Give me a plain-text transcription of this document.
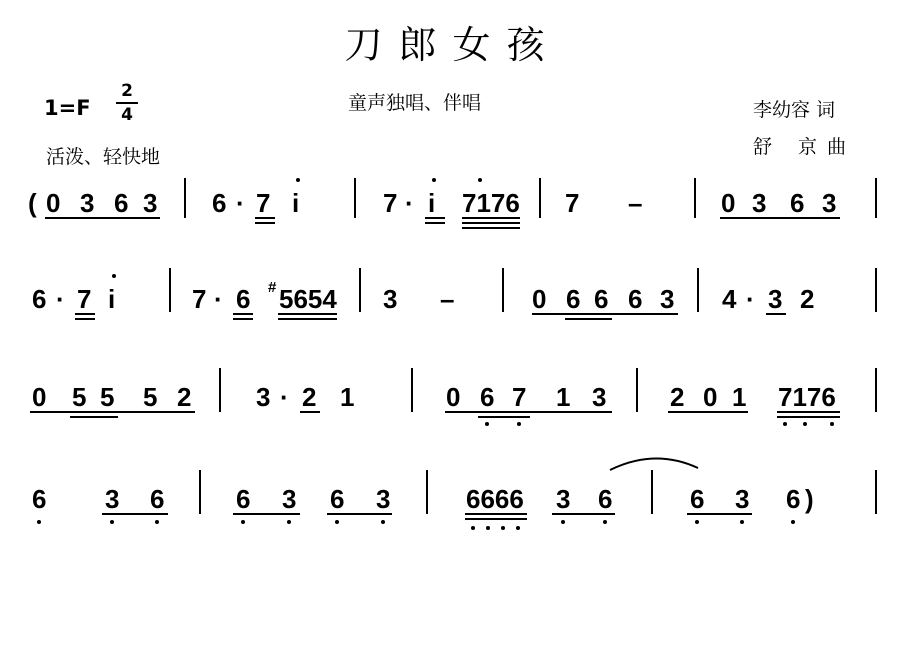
刀郎女孩
童声独唱、伴唱
1=F
2
4
活泼、轻快地
李幼容 词
舒 京曲
( 0 3 6 3 6 · 7 i	7 · i 7176 7 –	0 3 6 3
6 · 7 i	7 · 6 # 5654 3 –	0 6 6 6 3 4 · 3 2
0 5 5 5 2 3 · 2 1	0 6 7 1 3 2 0 1 7176
6 3 6	6 3 6 3	6666 3 6	6 3 6 )
